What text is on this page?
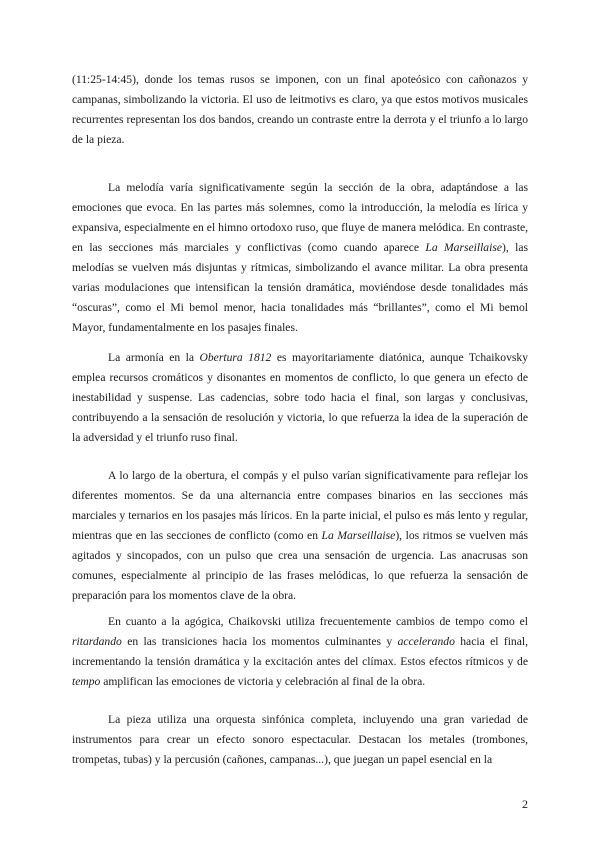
(11:25-14:45), donde los temas rusos se imponen, con un final apoteósico con cañonazos y campanas, simbolizando la victoria. El uso de leitmotivs es claro, ya que estos motivos musicales recurrentes representan los dos bandos, creando un contraste entre la derrota y el triunfo a lo largo de la pieza.

La melodía varía significativamente según la sección de la obra, adaptándose a las emociones que evoca. En las partes más solemnes, como la introducción, la melodía es lírica y expansiva, especialmente en el himno ortodoxo ruso, que fluye de manera melódica. En contraste, en las secciones más marciales y conflictivas (como cuando aparece La Marseillaise), las melodías se vuelven más disjuntas y rítmicas, simbolizando el avance militar. La obra presenta varias modulaciones que intensifican la tensión dramática, moviéndose desde tonalidades más “oscuras”, como el Mi bemol menor, hacia tonalidades más “brillantes”, como el Mi bemol Mayor, fundamentalmente en los pasajes finales.

La armonía en la Obertura 1812 es mayoritariamente diatónica, aunque Tchaikovsky emplea recursos cromáticos y disonantes en momentos de conflicto, lo que genera un efecto de inestabilidad y suspense. Las cadencias, sobre todo hacia el final, son largas y conclusivas, contribuyendo a la sensación de resolución y victoria, lo que refuerza la idea de la superación de la adversidad y el triunfo ruso final.

A lo largo de la obertura, el compás y el pulso varían significativamente para reflejar los diferentes momentos. Se da una alternancia entre compases binarios en las secciones más marciales y ternarios en los pasajes más líricos. En la parte inicial, el pulso es más lento y regular, mientras que en las secciones de conflicto (como en La Marseillaise), los ritmos se vuelven más agitados y sincopados, con un pulso que crea una sensación de urgencia. Las anacrusas son comunes, especialmente al principio de las frases melódicas, lo que refuerza la sensación de preparación para los momentos clave de la obra.

En cuanto a la agógica, Chaikovski utiliza frecuentemente cambios de tempo como el ritardando en las transiciones hacia los momentos culminantes y accelerando hacia el final, incrementando la tensión dramática y la excitación antes del clímax. Estos efectos rítmicos y de tempo amplifican las emociones de victoria y celebración al final de la obra.

La pieza utiliza una orquesta sinfónica completa, incluyendo una gran variedad de instrumentos para crear un efecto sonoro espectacular. Destacan los metales (trombones, trompetas, tubas) y la percusión (cañones, campanas...), que juegan un papel esencial en la

2
